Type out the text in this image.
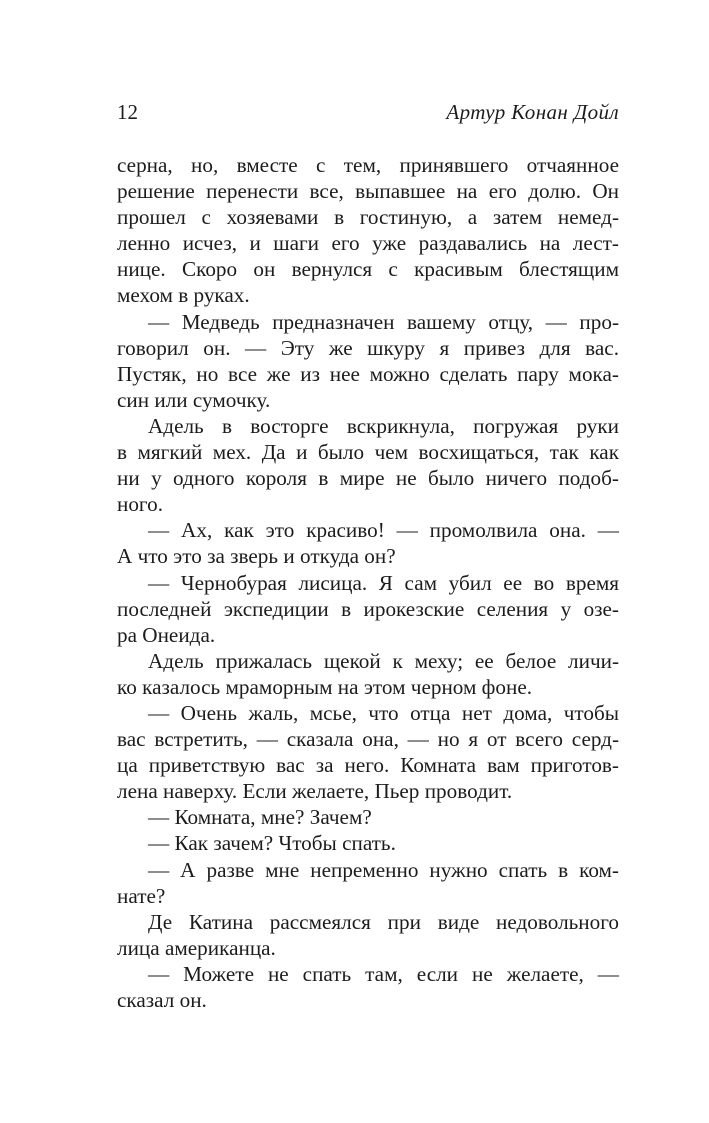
12	Артур Конан Дойл
серна, но, вместе с тем, принявшего отчаянное
решение перенести все, выпавшее на его долю. Он
прошел с хозяевами в гостиную, а затем немед-
ленно исчез, и шаги его уже раздавались на лест-
нице. Скоро он вернулся с красивым блестящим
мехом в руках.
— Медведь предназначен вашему отцу, — про-
говорил он. — Эту же шкуру я привез для вас.
Пустяк, но все же из нее можно сделать пару мока-
син или сумочку.
Адель в восторге вскрикнула, погружая руки
в мягкий мех. Да и было чем восхищаться, так как
ни у одного короля в мире не было ничего подоб-
ного.
— Ах, как это красиво! — промолвила она. —
А что это за зверь и откуда он?
— Чернобурая лисица. Я сам убил ее во время
последней экспедиции в ирокезские селения у озе-
ра Онеида.
Адель прижалась щекой к меху; ее белое личи-
ко казалось мраморным на этом черном фоне.
— Очень жаль, мсье, что отца нет дома, чтобы
вас встретить, — сказала она, — но я от всего серд-
ца приветствую вас за него. Комната вам приготов-
лена наверху. Если желаете, Пьер проводит.
— Комната, мне? Зачем?
— Как зачем? Чтобы спать.
— А разве мне непременно нужно спать в ком-
нате?
Де Катина рассмеялся при виде недовольного
лица американца.
— Можете не спать там, если не желаете, —
сказал он.
